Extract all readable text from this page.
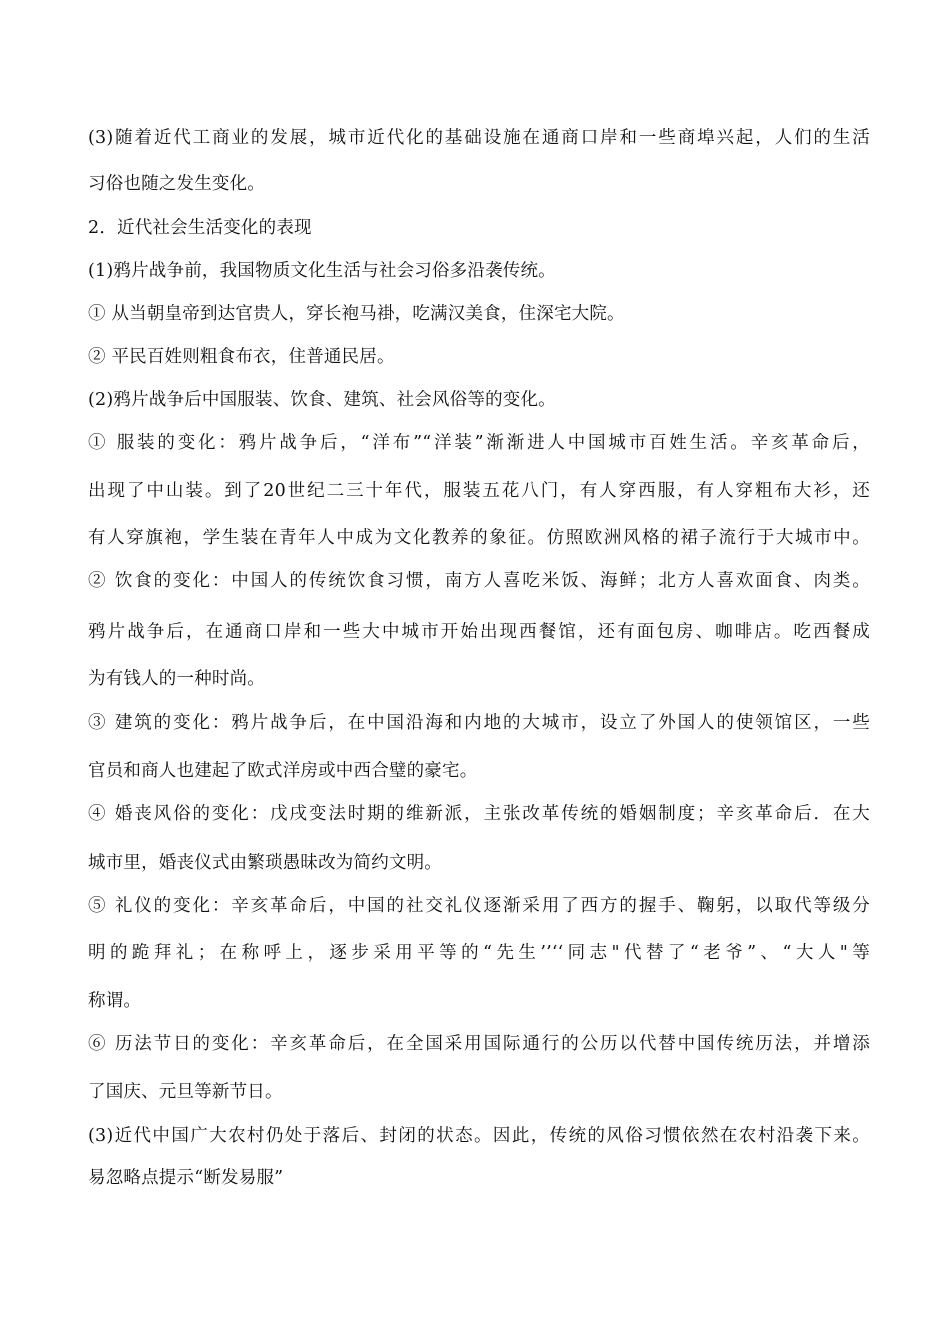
(3)随着近代工商业的发展，城市近代化的基础设施在通商口岸和一些商埠兴起，人们的生活
习俗也随之发生变化。
2．近代社会生活变化的表现
(1)鸦片战争前，我国物质文化生活与社会习俗多沿袭传统。
① 从当朝皇帝到达官贵人，穿长袍马褂，吃满汉美食，住深宅大院。
② 平民百姓则粗食布衣，住普通民居。
(2)鸦片战争后中国服装、饮食、建筑、社会风俗等的变化。
① 服装的变化：鸦片战争后，“洋布”“洋装”渐渐进人中国城市百姓生活。辛亥革命后，
出现了中山装。到了20世纪二三十年代，服装五花八门，有人穿西服，有人穿粗布大衫，还
有人穿旗袍，学生装在青年人中成为文化教养的象征。仿照欧洲风格的裙子流行于大城市中。
② 饮食的变化：中国人的传统饮食习惯，南方人喜吃米饭、海鲜；北方人喜欢面食、肉类。
鸦片战争后，在通商口岸和一些大中城市开始出现西餐馆，还有面包房、咖啡店。吃西餐成
为有钱人的一种时尚。
③ 建筑的变化：鸦片战争后，在中国沿海和内地的大城市，设立了外国人的使领馆区，一些
官员和商人也建起了欧式洋房或中西合璧的豪宅。
④ 婚丧风俗的变化：戊戌变法时期的维新派，主张改革传统的婚姻制度；辛亥革命后．在大
城市里，婚丧仪式由繁琐愚昧改为简约文明。
⑤ 礼仪的变化：辛亥革命后，中国的社交礼仪逐渐采用了西方的握手、鞠躬，以取代等级分
明的跪拜礼；在称呼上，逐步采用平等的“先生’’‘‘同志"代替了“老爷”、“大人"等
称谓。
⑥ 历法节日的变化：辛亥革命后，在全国采用国际通行的公历以代替中国传统历法，并增添
了国庆、元旦等新节日。
(3)近代中国广大农村仍处于落后、封闭的状态。因此，传统的风俗习惯依然在农村沿袭下来。
易忽略点提示“断发易服”
